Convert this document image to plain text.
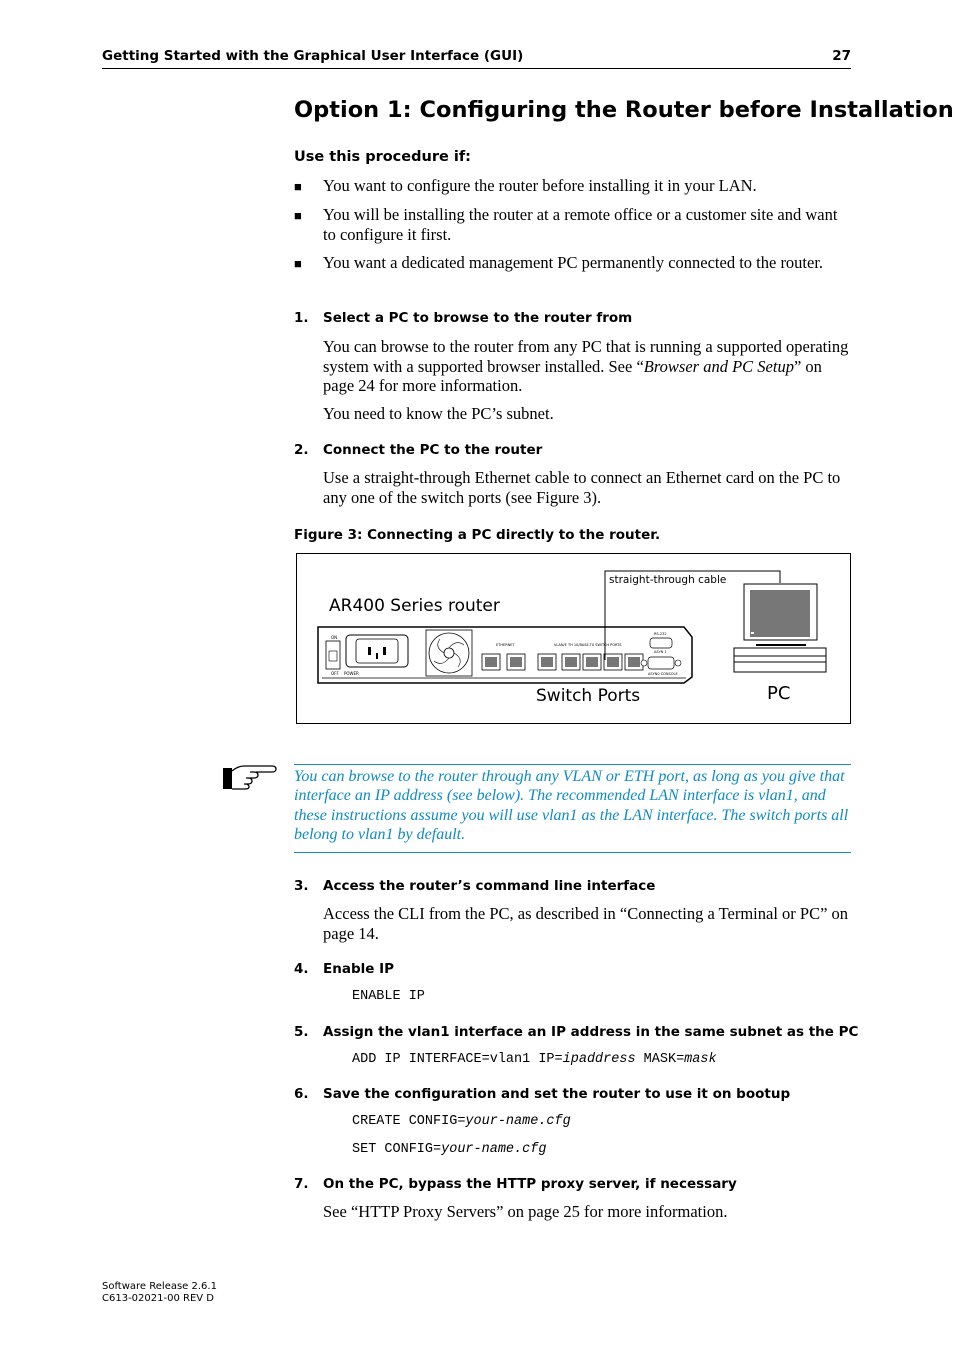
Getting Started with the Graphical User Interface (GUI)	27
Option 1: Configuring the Router before Installation
Use this procedure if:
■ You want to configure the router before installing it in your LAN.
■ You will be installing the router at a remote office or a customer site and want to configure it first.
■ You want a dedicated management PC permanently connected to the router.
1. Select a PC to browse to the router from
You can browse to the router from any PC that is running a supported operating system with a supported browser installed. See “Browser and PC Setup” on page 24 for more information.
You need to know the PC’s subnet.
2. Connect the PC to the router
Use a straight-through Ethernet cable to connect an Ethernet card on the PC to any one of the switch ports (see Figure 3).
Figure 3: Connecting a PC directly to the router.
AR400 Series router
ON
OFF POWER
ETHERNET	VLAN/E TH 10/BASE-TX SWITCH PORTS
RS-232
ASYN 1
ASYN0 CONSOLE
straight-through cable
Switch Ports	PC
You can browse to the router through any VLAN or ETH port, as long as you give that interface an IP address (see below). The recommended LAN interface is vlan1, and these instructions assume you will use vlan1 as the LAN interface. The switch ports all belong to vlan1 by default.
3. Access the router’s command line interface
Access the CLI from the PC, as described in “Connecting a Terminal or PC” on page 14.
4. Enable IP
ENABLE IP
5. Assign the vlan1 interface an IP address in the same subnet as the PC
ADD IP INTERFACE=vlan1 IP=ipaddress MASK=mask
6. Save the configuration and set the router to use it on bootup
CREATE CONFIG=your-name.cfg
SET CONFIG=your-name.cfg
7. On the PC, bypass the HTTP proxy server, if necessary
See “HTTP Proxy Servers” on page 25 for more information.
Software Release 2.6.1
C613-02021-00 REV D
